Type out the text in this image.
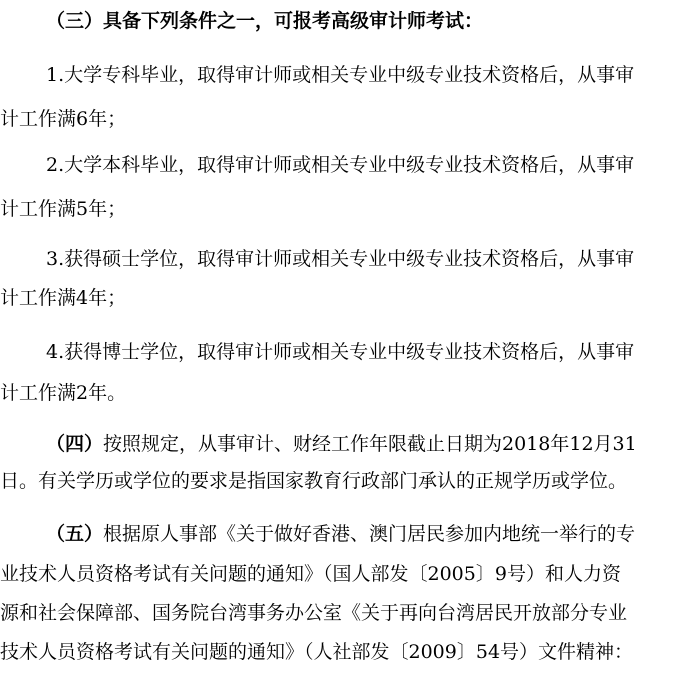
（三）具备下列条件之一，可报考高级审计师考试：
1.大学专科毕业，取得审计师或相关专业中级专业技术资格后，从事审
计工作满6年；
2.大学本科毕业，取得审计师或相关专业中级专业技术资格后，从事审
计工作满5年；
3.获得硕士学位，取得审计师或相关专业中级专业技术资格后，从事审
计工作满4年；
4.获得博士学位，取得审计师或相关专业中级专业技术资格后，从事审
计工作满2年。
（四）按照规定，从事审计、财经工作年限截止日期为2018年12月31
日。有关学历或学位的要求是指国家教育行政部门承认的正规学历或学位。
（五）根据原人事部《关于做好香港、澳门居民参加内地统一举行的专
业技术人员资格考试有关问题的通知》（国人部发〔2005〕9号）和人力资
源和社会保障部、国务院台湾事务办公室《关于再向台湾居民开放部分专业
技术人员资格考试有关问题的通知》（人社部发〔2009〕54号）文件精神：
